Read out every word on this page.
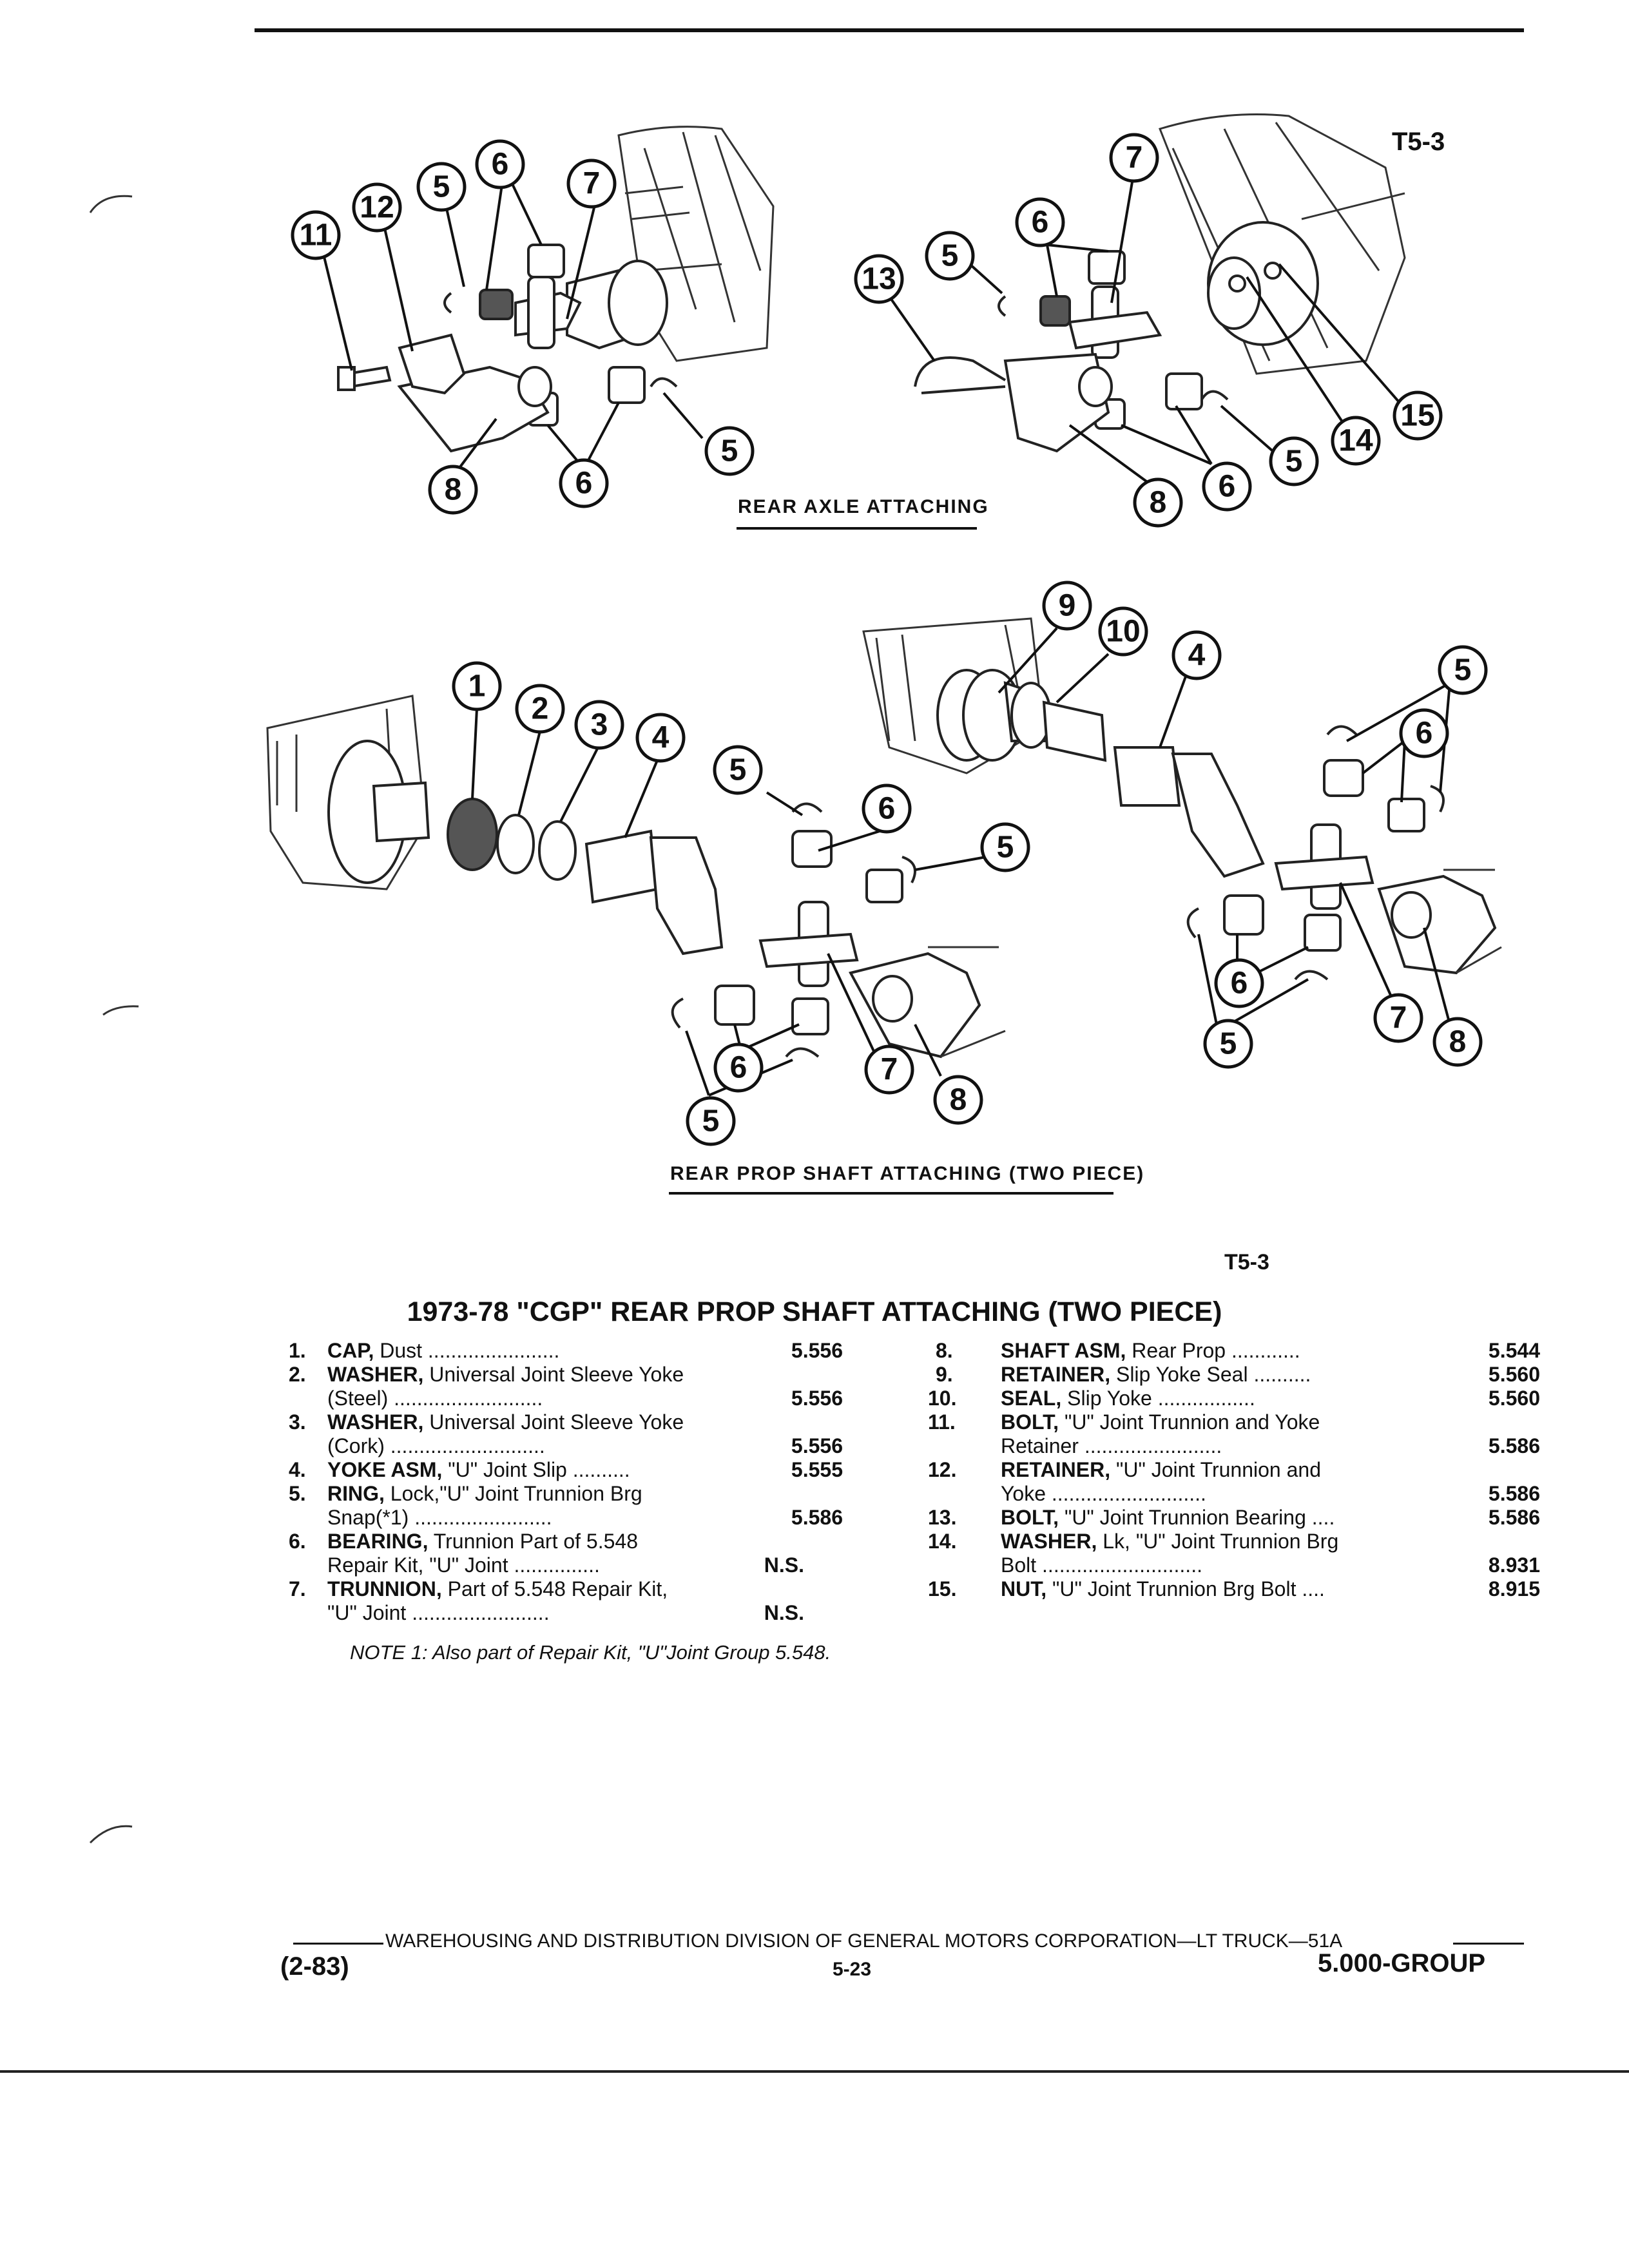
T5-3
11
12
5
6
7
8	6
5
13
5
6
7
14
15
8 6
5
1
2 3 4
5
6
5
6	7
8
5
9
10
4	5
6
6
5
7
8
REAR AXLE ATTACHING
REAR PROP SHAFT ATTACHING (TWO PIECE)
T5-3
1973-78 "CGP" REAR PROP SHAFT ATTACHING (TWO PIECE)
1.	CAP, Dust .......................	5.556
2.	WASHER, Universal Joint Sleeve Yoke
(Steel) ..........................	5.556
3.	WASHER, Universal Joint Sleeve Yoke
(Cork) ...........................	5.556
4.	YOKE ASM, "U" Joint Slip ..........	5.555
5.	RING, Lock,"U" Joint Trunnion Brg
Snap(*1) ........................	5.586
6.	BEARING, Trunnion Part of 5.548
Repair Kit, "U" Joint ...............	N.S.
7.	TRUNNION, Part of 5.548 Repair Kit,
"U" Joint ........................	N.S.
8.	SHAFT ASM, Rear Prop ............	5.544
9.	RETAINER, Slip Yoke Seal ..........	5.560
10.	SEAL, Slip Yoke .................	5.560
11.	BOLT, "U" Joint Trunnion and Yoke
Retainer ........................	5.586
12.	RETAINER, "U" Joint Trunnion and
Yoke ...........................	5.586
13.	BOLT, "U" Joint Trunnion Bearing ....	5.586
14.	WASHER, Lk, "U" Joint Trunnion Brg
Bolt ............................	8.931
15.	NUT, "U" Joint Trunnion Brg Bolt ....	8.915
NOTE 1: Also part of Repair Kit, "U"Joint Group 5.548.
WAREHOUSING AND DISTRIBUTION DIVISION OF GENERAL MOTORS CORPORATION—LT TRUCK—51A
(2-83)	5-23	5.000-GROUP
